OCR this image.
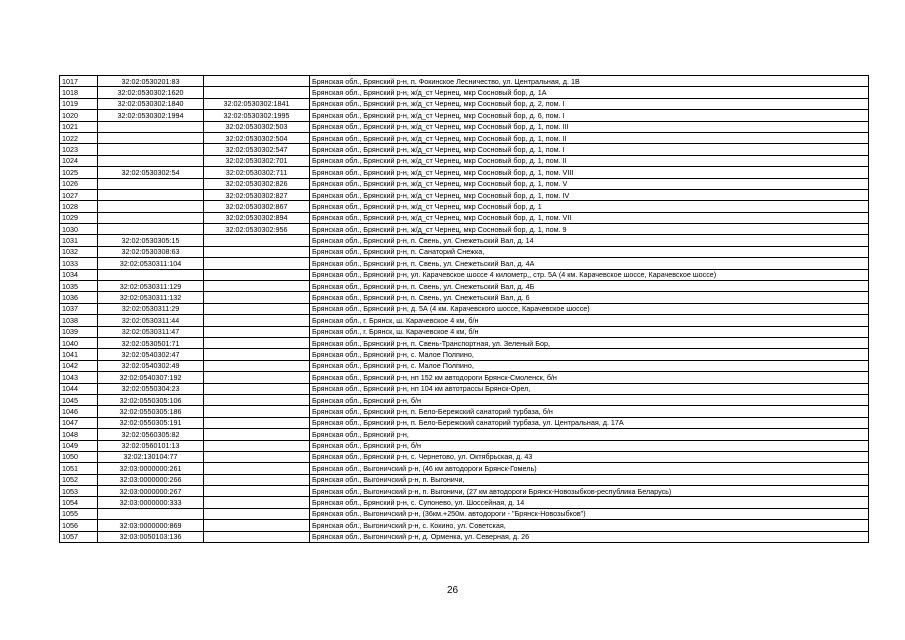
1017	32:02:0530201:83		Брянская обл., Брянский р-н, п. Фокинское Лесничество, ул. Центральная, д. 1В
1018	32:02:0530302:1620		Брянская обл., Брянский р-н, ж/д_ст Чернец, мкр Сосновый бор, д. 1А
1019	32:02:0530302:1840	32:02:0530302:1841	Брянская обл., Брянский р-н, ж/д_ст Чернец, мкр Сосновый бор, д. 2, пом. I
1020	32:02:0530302:1994	32:02:0530302:1995	Брянская обл., Брянский р-н, ж/д_ст Чернец, мкр Сосновый бор, д. 6, пом. I
1021		32:02:0530302:503	Брянская обл., Брянский р-н, ж/д_ст Чернец, мкр Сосновый бор, д. 1, пом. III
1022		32:02:0530302:504	Брянская обл., Брянский р-н, ж/д_ст Чернец, мкр Сосновый бор, д. 1, пом. II
1023		32:02:0530302:547	Брянская обл., Брянский р-н, ж/д_ст Чернец, мкр Сосновый бор, д. 1, пом. I
1024		32:02:0530302:701	Брянская обл., Брянский р-н, ж/д_ст Чернец, мкр Сосновый бор, д. 1, пом. II
1025	32:02:0530302:54	32:02:0530302:711	Брянская обл., Брянский р-н, ж/д_ст Чернец, мкр Сосновый бор, д. 1, пом. VIII
1026		32:02:0530302:826	Брянская обл., Брянский р-н, ж/д_ст Чернец, мкр Сосновый бор, д. 1, пом. V
1027		32:02:0530302:827	Брянская обл., Брянский р-н, ж/д_ст Чернец, мкр Сосновый бор, д. 1, пом. IV
1028		32:02:0530302:867	Брянская обл., Брянский р-н, ж/д_ст Чернец, мкр Сосновый бор, д. 1
1029		32:02:0530302:894	Брянская обл., Брянский р-н, ж/д_ст Чернец, мкр Сосновый бор, д. 1, пом. VII
1030		32:02:0530302:956	Брянская обл., Брянский р-н, ж/д_ст Чернец, мкр Сосновый бор, д. 1, пом. 9
1031	32:02:0530305:15		Брянская обл., Брянский р-н, п. Свень, ул. Снежетьский Вал, д. 14
1032	32:02:0530308:63		Брянская обл., Брянский р-н, п. Санаторий Снежка,
1033	32:02:0530311:104		Брянская обл., Брянский р-н, п. Свень, ул. Снежетьский Вал, д. 4А
1034			Брянская обл., Брянский р-н, ул. Карачевское шоссе 4 километр,, стр. 5А (4 км. Карачевское шоссе, Карачевское шоссе)
1035	32:02:0530311:129		Брянская обл., Брянский р-н, п. Свень, ул. Снежетьский Вал, д. 4Б
1036	32:02:0530311:132		Брянская обл., Брянский р-н, п. Свень, ул. Снежетьский Вал, д. 6
1037	32:02:0530311:29		Брянская обл., Брянский р-н, д. 5А (4 км. Карачевского шоссе, Карачевское шоссе)
1038	32:02:0530311:44		Брянская обл., г. Брянск, ш. Карачевское 4 км, б/н
1039	32:02:0530311:47		Брянская обл., г. Брянск, ш. Карачевское 4 км, б/н
1040	32:02:0530501:71		Брянская обл., Брянский р-н, п. Свень-Транспортная, ул. Зеленый Бор,
1041	32:02:0540302:47		Брянская обл., Брянский р-н, с. Малое Полпино,
1042	32:02:0540302:49		Брянская обл., Брянский р-н, с. Малое Полпино,
1043	32:02:0540307:192		Брянская обл., Брянский р-н, нп 152 км автодороги Брянск-Смоленск, б/н
1044	32:02:0550304:23		Брянская обл., Брянский р-н, нп 104 км автотрассы Брянск-Орел,
1045	32:02:0550305:106		Брянская обл., Брянский р-н, б/н
1046	32:02:0550305:186		Брянская обл., Брянский р-н, п. Бело-Бережский санаторий турбаза, б/н
1047	32:02:0550305:191		Брянская обл., Брянский р-н, п. Бело-Бережский санаторий турбаза, ул. Центральная, д. 17А
1048	32:02:0560305:82		Брянская обл., Брянский р-н,
1049	32:02:0560101:13		Брянская обл., Брянский р-н, б/н
1050	32:02:130104:77		Брянская обл., Брянский р-н, с. Чернетово, ул. Октябрьская, д. 43
1051	32:03:0000000:261		Брянская обл., Выгоничский р-н, (46 км автодороги Брянск-Гомель)
1052	32:03:0000000:266		Брянская обл., Выгоничский р-н, п. Выгоничи,
1053	32:03:0000000:267		Брянская обл., Выгоничский р-н, п. Выгоничи, (27 км автодороги Брянск-Новозыбков-республика Беларусь)
1054	32:03:0000000:333		Брянская обл., Брянский р-н, с. Супонево, ул. Шоссейная, д. 14
1055			Брянская обл., Выгоничский р-н, (36км.+250м. автодороги - "Брянск-Новозыбков")
1056	32:03:0000000:869		Брянская обл., Выгоничский р-н, с. Кокино, ул. Советская,
1057	32:03:0050103:136		Брянская обл., Выгоничский р-н, д. Орменка, ул. Северная, д. 26
26
